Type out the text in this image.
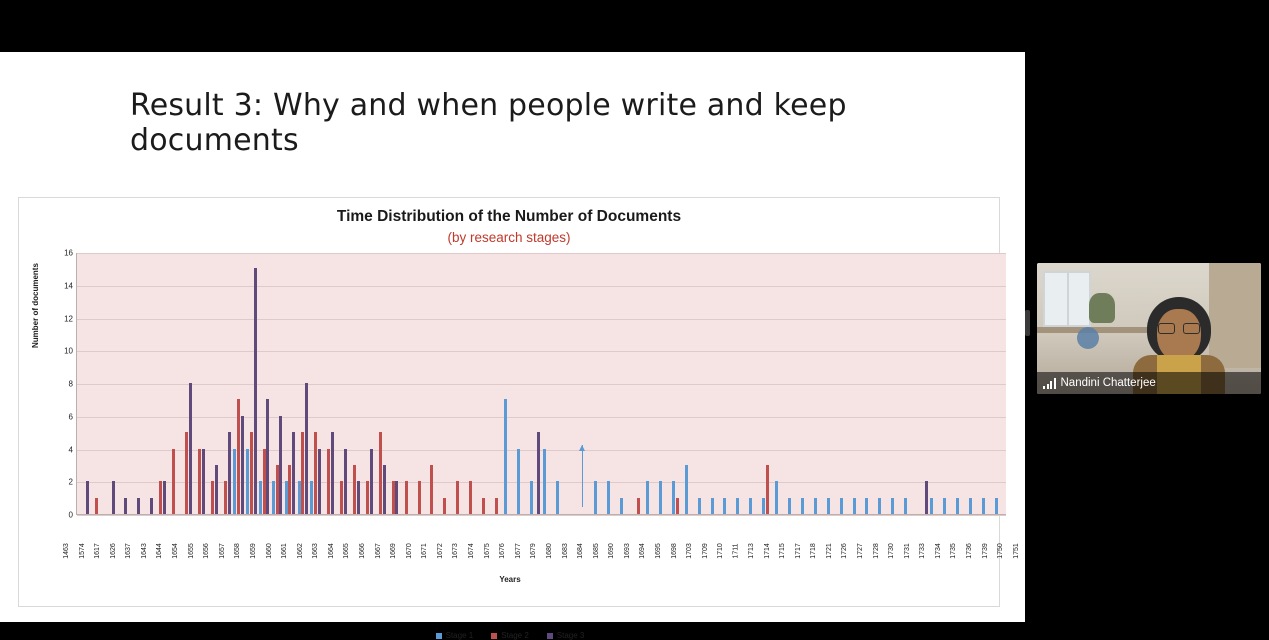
Result 3: Why and when people write and keep documents
Time Distribution of the Number of Documents
(by research stages)
Number of documents
0
2
4
6
8
10
12
14
16
1463	1574	1617	1626	1637	1643	1644	1654	1655	1656	1657	1658	1659	1660	1661	1662	1663	1664	1665	1666	1667	1669	1670	1671	1672	1673	1674	1675	1676	1677	1679	1680	1683	1684	1685	1690	1693	1694	1695	1698	1703	1709	1710	1711	1713	1714	1715	1717	1718	1721	1726	1727	1728	1730	1731	1733	1734	1735	1736	1739	1750	1751
Years
Stage 1	Stage 2	Stage 3
Nandini Chatterjee
